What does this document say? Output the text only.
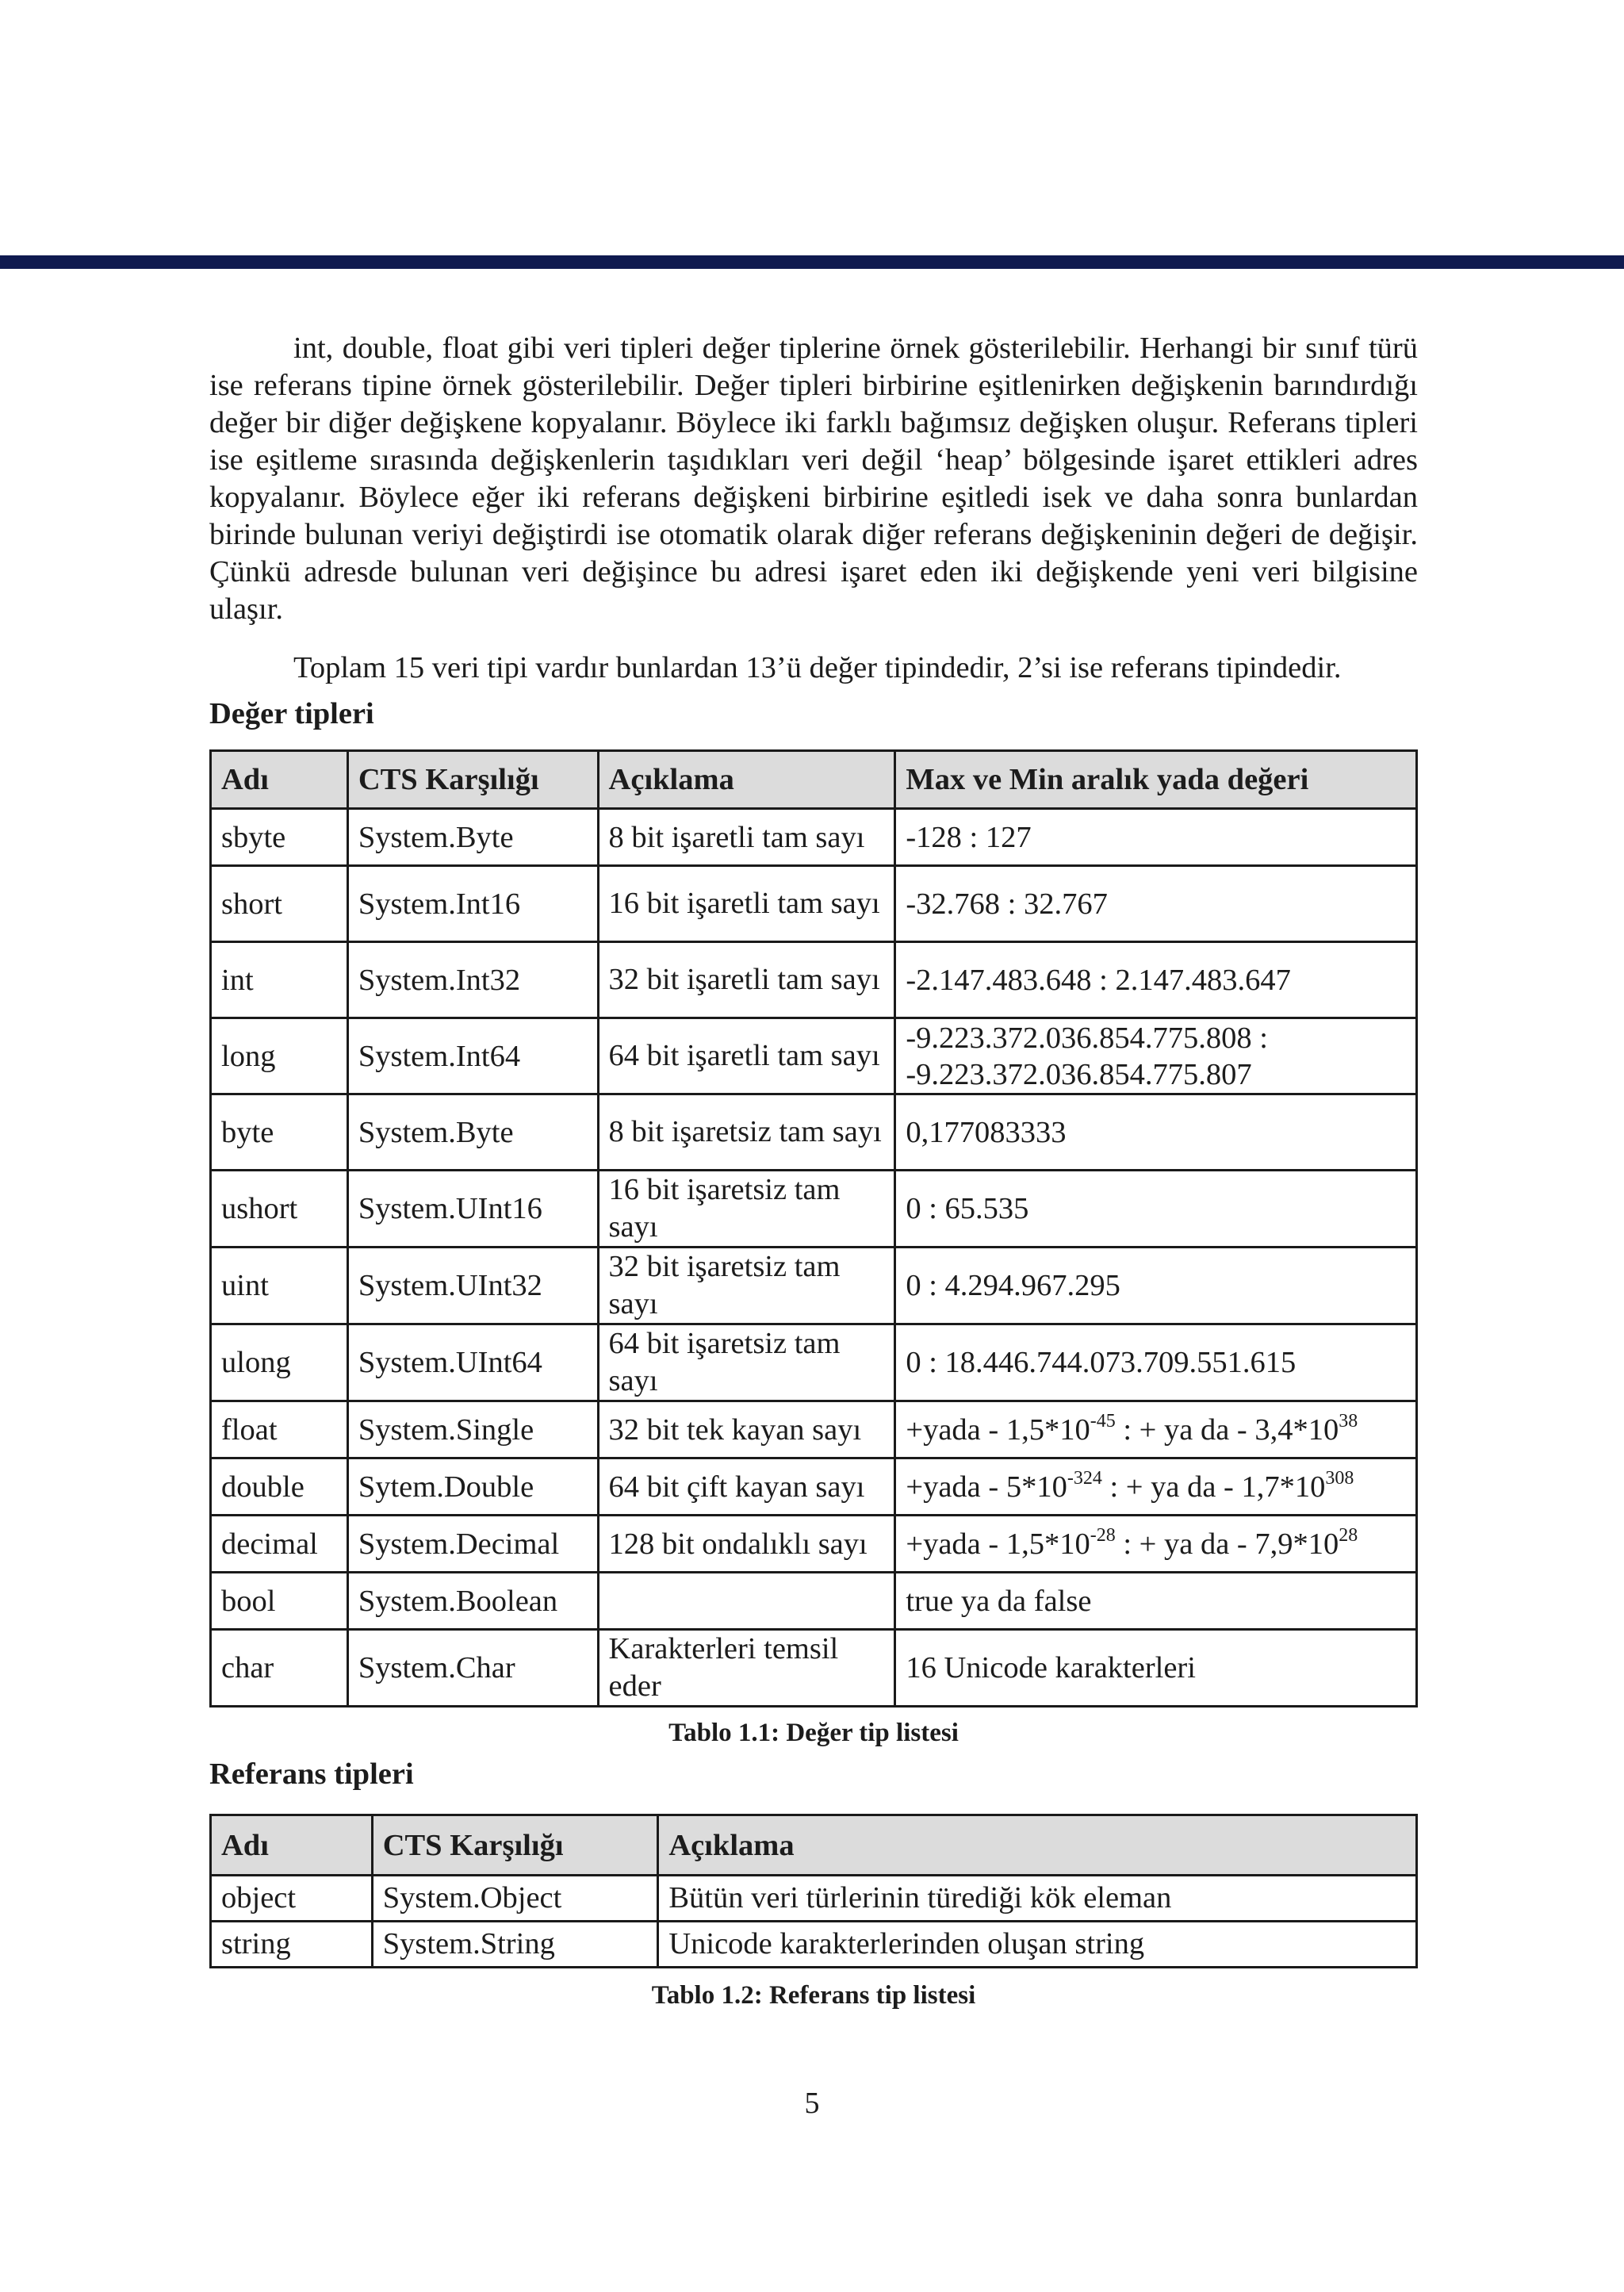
int, double, float gibi veri tipleri değer tiplerine örnek gösterilebilir. Herhangi bir sınıf türü ise referans tipine örnek gösterilebilir. Değer tipleri birbirine eşitlenirken değişkenin barındırdığı değer bir diğer değişkene kopyalanır. Böylece iki farklı bağımsız değişken oluşur. Referans tipleri ise eşitleme sırasında değişkenlerin taşıdıkları veri değil ‘heap’ bölgesinde işaret ettikleri adres kopyalanır. Böylece eğer iki referans değişkeni birbirine eşitledi isek ve daha sonra bunlardan birinde bulunan veriyi değiştirdi ise otomatik olarak diğer referans değişkeninin değeri de değişir. Çünkü adresde bulunan veri değişince bu adresi işaret eden iki değişkende yeni veri bilgisine ulaşır.

Toplam 15 veri tipi vardır bunlardan 13’ü değer tipindedir, 2’si ise referans tipindedir.

Değer tipleri
Adı	CTS Karşılığı	Açıklama	Max ve Min aralık yada değeri
sbyte	System.Byte	8 bit işaretli tam sayı	-128 : 127
short	System.Int16	16 bit işaretli tam sayı	-32.768 : 32.767
int	System.Int32	32 bit işaretli tam sayı	-2.147.483.648 : 2.147.483.647
long	System.Int64	64 bit işaretli tam sayı	-9.223.372.036.854.775.808 : -9.223.372.036.854.775.807
byte	System.Byte	8 bit işaretsiz tam sayı	0,177083333
ushort	System.UInt16	16 bit işaretsiz tam sayı	0 : 65.535
uint	System.UInt32	32 bit işaretsiz tam sayı	0 : 4.294.967.295
ulong	System.UInt64	64 bit işaretsiz tam sayı	0 : 18.446.744.073.709.551.615
float	System.Single	32 bit tek kayan sayı	+yada - $1,5*10^{-45}$ : + ya da - $3,4*10^{38}$
double	Sytem.Double	64 bit çift kayan sayı	+yada - $5*10^{-324}$ : + ya da - $1,7*10^{308}$
decimal	System.Decimal	128 bit ondalıklı sayı	+yada - $1,5*10^{-28}$ : + ya da - $7,9*10^{28}$
bool	System.Boolean		true ya da false
char	System.Char	Karakterleri temsil eder	16 Unicode karakterleri
Tablo 1.1: Değer tip listesi
Referans tipleri
Adı	CTS Karşılığı	Açıklama
object	System.Object	Bütün veri türlerinin türediği kök eleman
string	System.String	Unicode karakterlerinden oluşan string
Tablo 1.2: Referans tip listesi
5
